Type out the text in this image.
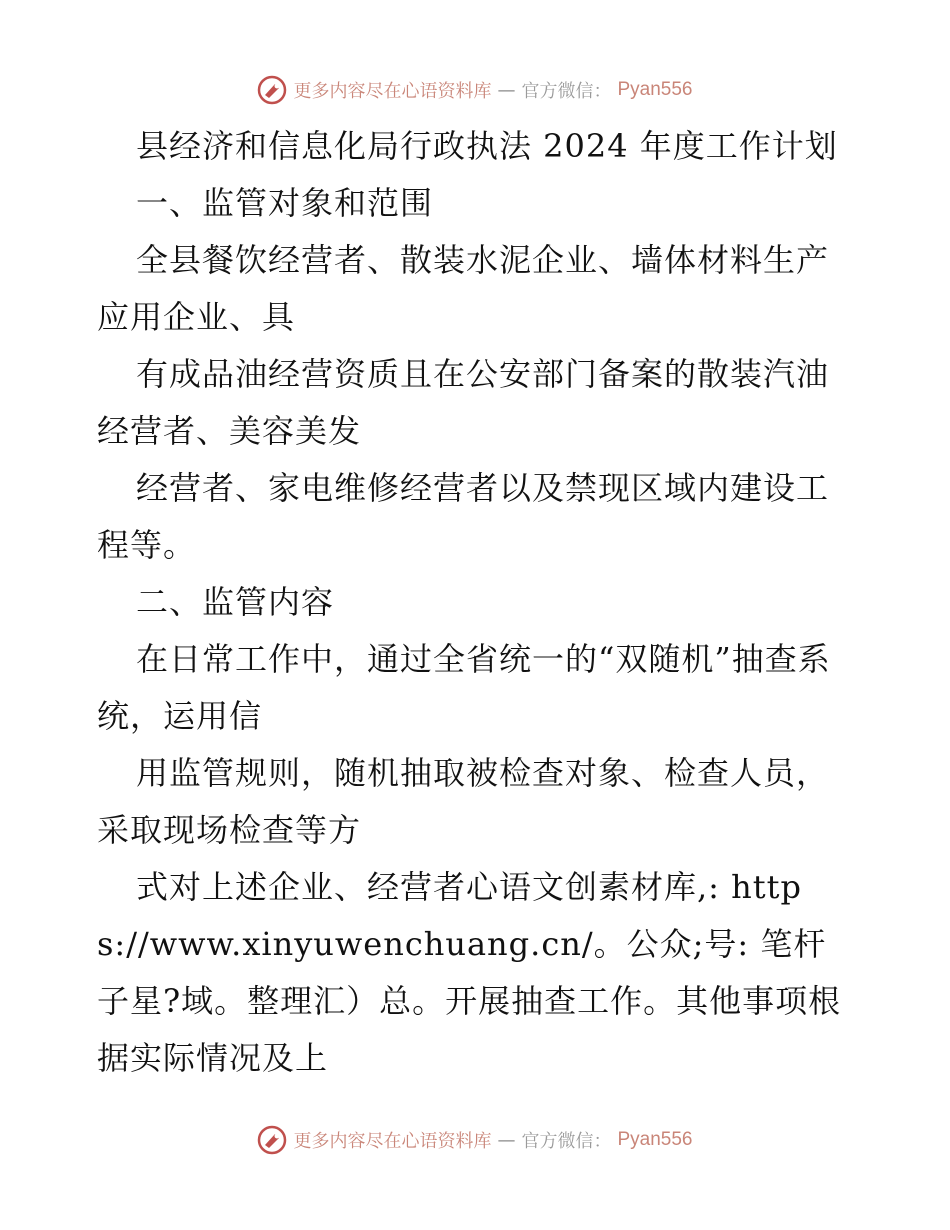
更多内容尽在心语资料库 — 官方微信： Pyan556

县经济和信息化局行政执法 2024 年度工作计划

一、监管对象和范围

全县餐饮经营者、散装水泥企业、墙体材料生产应用企业、具

有成品油经营资质且在公安部门备案的散装汽油经营者、美容美发

经营者、家电维修经营者以及禁现区域内建设工程等。

二、监管内容

在日常工作中，通过全省统一的“双随机”抽查系统，运用信

用监管规则，随机抽取被检查对象、检查人员，采取现场检查等方

式对上述企业、经营者心语文创素材库,: https://www.xinyuwenchuang.cn/。公众;号: 笔杆子星?域。整理汇）总。开展抽查工作。其他事项根据实际情况及上

更多内容尽在心语资料库 — 官方微信： Pyan556
